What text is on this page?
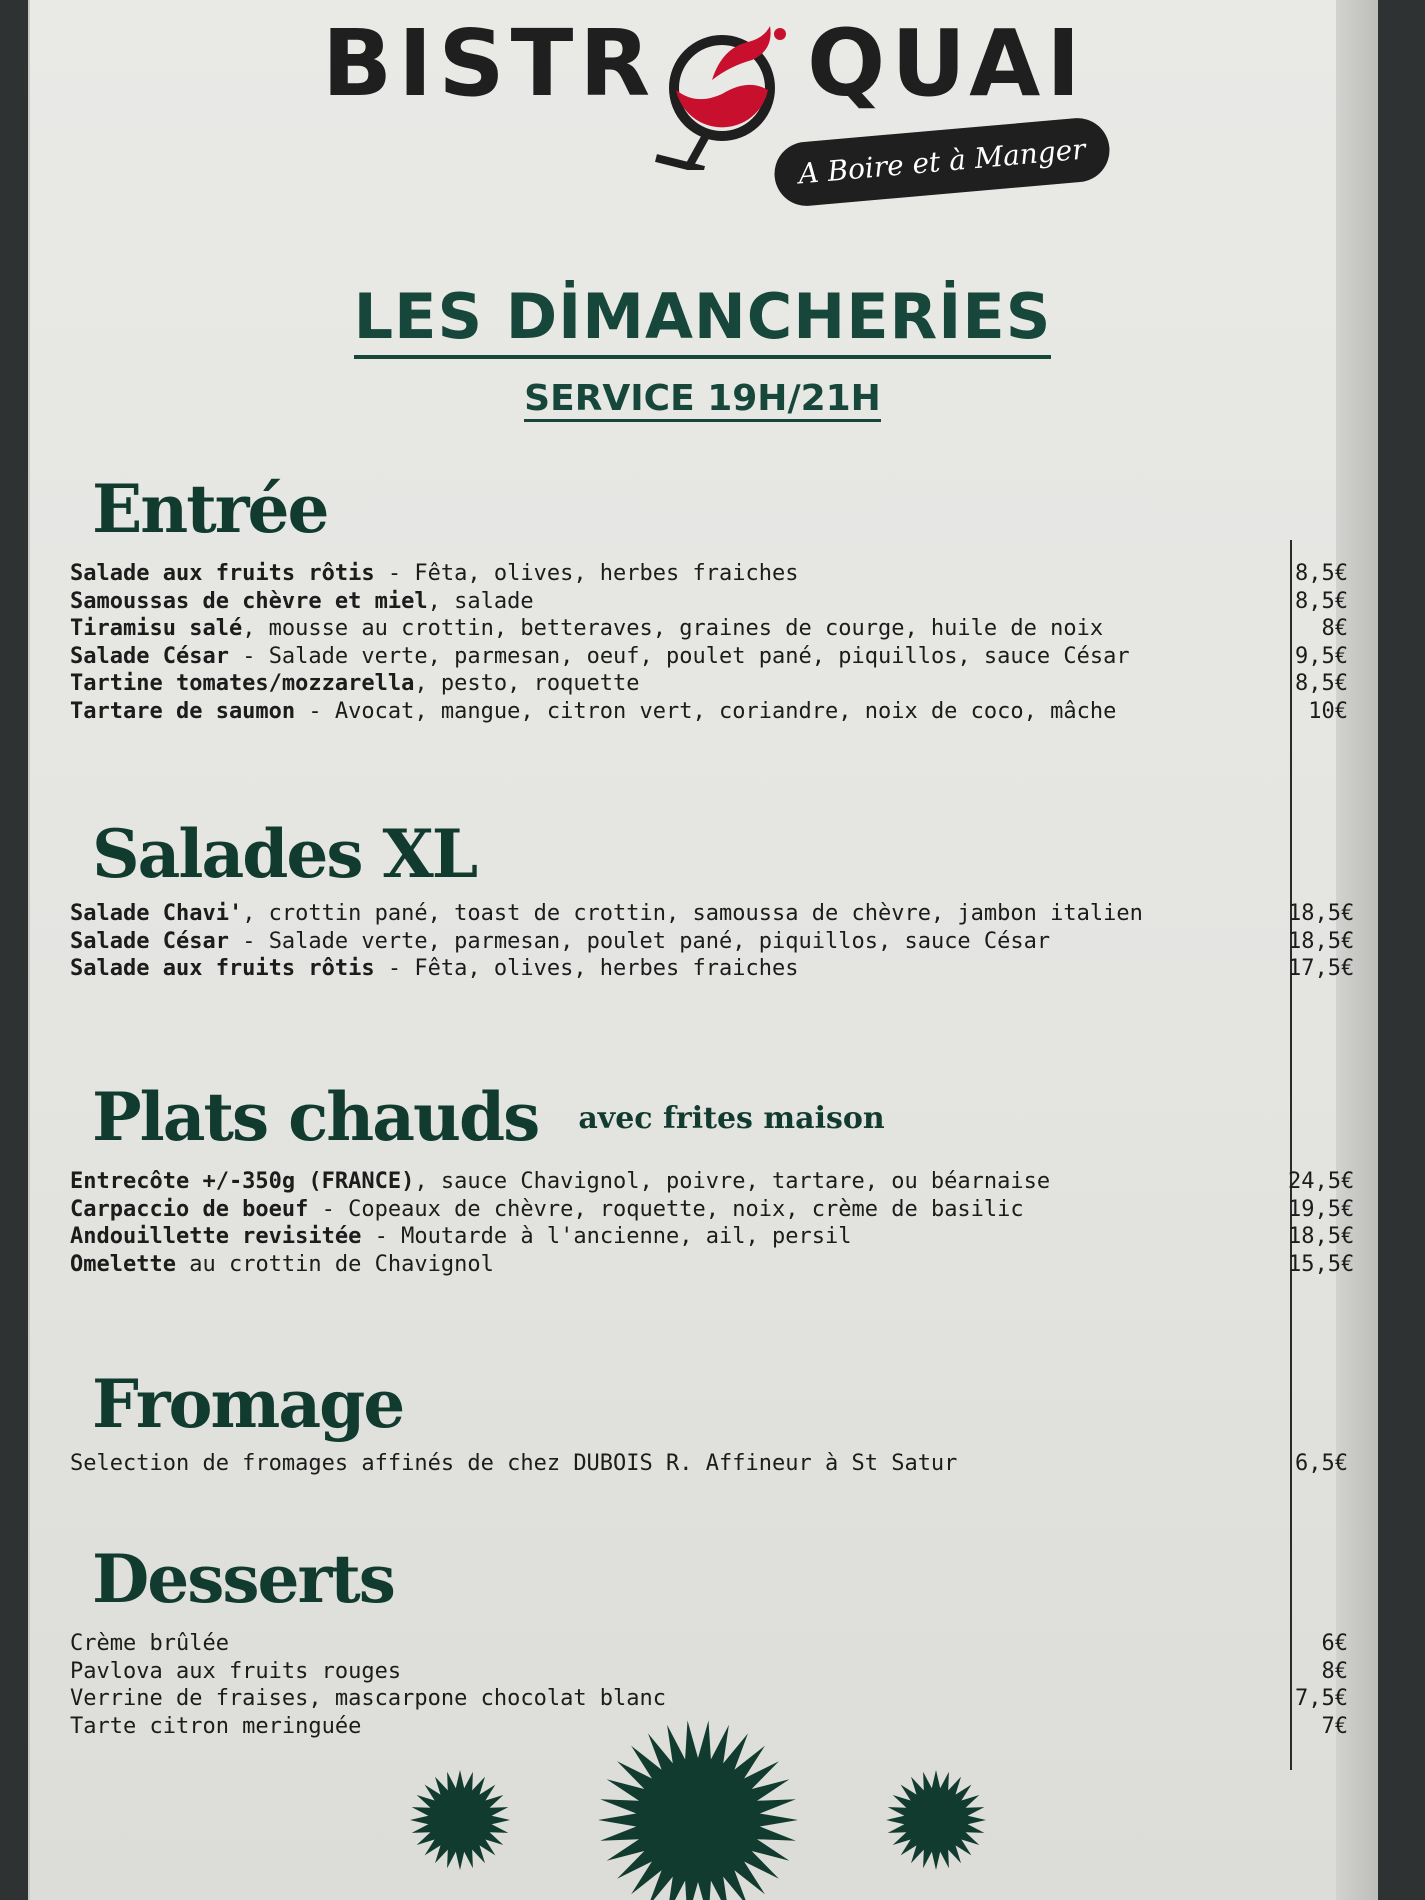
BISTR QUAI
A Boire et à Manger
LES DİMANCHERİES
SERVICE 19H/21H
Entrée
Salade aux fruits rôtis - Fêta, olives, herbes fraiches	8,5€
Samoussas de chèvre et miel, salade	8,5€
Tiramisu salé, mousse au crottin, betteraves, graines de courge, huile de noix	8€
Salade César - Salade verte, parmesan, oeuf, poulet pané, piquillos, sauce César	9,5€
Tartine tomates/mozzarella, pesto, roquette	8,5€
Tartare de saumon - Avocat, mangue, citron vert, coriandre, noix de coco, mâche	10€
Salades XL
Salade Chavi', crottin pané, toast de crottin, samoussa de chèvre, jambon italien	18,5€
Salade César - Salade verte, parmesan, poulet pané, piquillos, sauce César	18,5€
Salade aux fruits rôtis - Fêta, olives, herbes fraiches	17,5€
Plats chauds avec frites maison
Entrecôte +/-350g (FRANCE), sauce Chavignol, poivre, tartare, ou béarnaise	24,5€
Carpaccio de boeuf - Copeaux de chèvre, roquette, noix, crème de basilic	19,5€
Andouillette revisitée - Moutarde à l'ancienne, ail, persil	18,5€
Omelette au crottin de Chavignol	15,5€
Fromage
Selection de fromages affinés de chez DUBOIS R. Affineur à St Satur	6,5€
Desserts
Crème brûlée	6€
Pavlova aux fruits rouges	8€
Verrine de fraises, mascarpone chocolat blanc	7,5€
Tarte citron meringuée	7€
